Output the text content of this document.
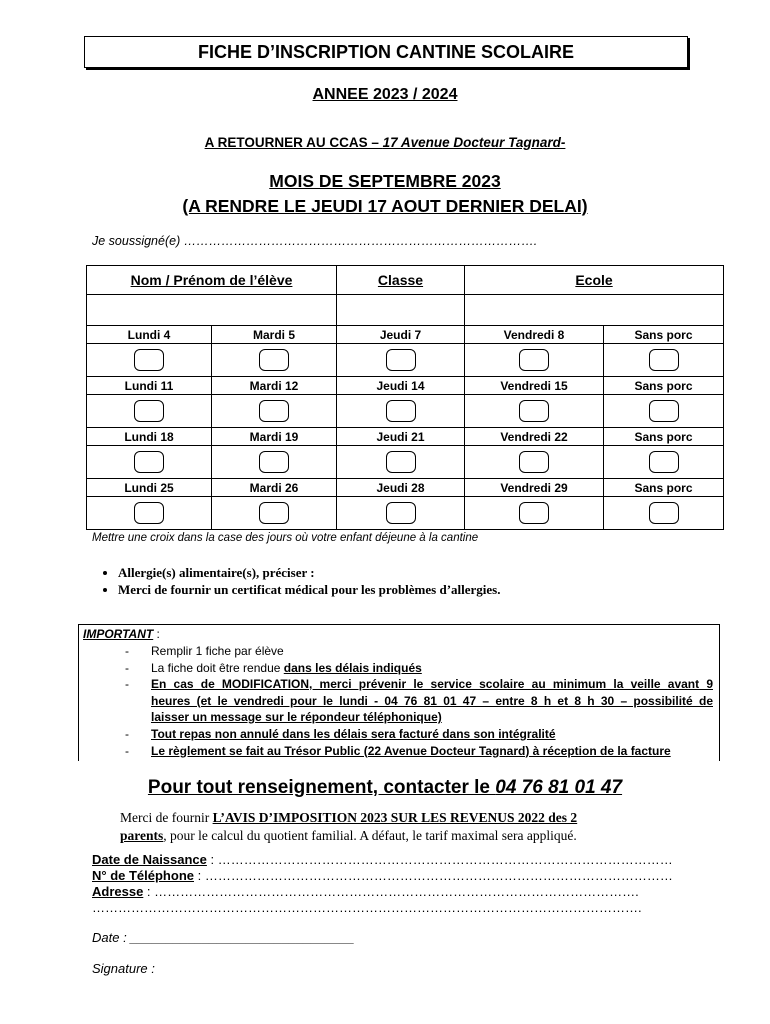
FICHE D’INSCRIPTION CANTINE SCOLAIRE
ANNEE 2023 / 2024
A RETOURNER AU CCAS – 17 Avenue Docteur Tagnard-
MOIS DE SEPTEMBRE 2023
(A RENDRE LE JEUDI 17 AOUT DERNIER DELAI)
Je soussigné(e) ………………………………………………………………………….
Nom / Prénom de l’élève		Classe	Ecole	

Lundi 4	Mardi 5	Jeudi 7	Vendredi 8	Sans porc

Lundi 11	Mardi 12	Jeudi 14	Vendredi 15	Sans porc

Lundi 18	Mardi 19	Jeudi 21	Vendredi 22	Sans porc

Lundi 25	Mardi 26	Jeudi 28	Vendredi 29	Sans porc

Mettre une croix dans la case des jours où votre enfant déjeune à la cantine
• Allergie(s) alimentaire(s), préciser :
• Merci de fournir un certificat médical pour les problèmes d’allergies.
IMPORTANT :
- Remplir 1 fiche par élève
- La fiche doit être rendue dans les délais indiqués
- En cas de MODIFICATION, merci prévenir le service scolaire au minimum la veille avant 9
heures (et le vendredi pour le lundi - 04 76 81 01 47 – entre 8 h et 8 h 30 – possibilité de
laisser un message sur le répondeur téléphonique)
- Tout repas non annulé dans les délais sera facturé dans son intégralité
- Le règlement se fait au Trésor Public (22 Avenue Docteur Tagnard) à réception de la facture
Pour tout renseignement, contacter le 04 76 81 01 47
Merci de fournir L’AVIS D’IMPOSITION 2023 SUR LES REVENUS 2022 des 2
parents, pour le calcul du quotient familial. A défaut, le tarif maximal sera appliqué.
Date de Naissance : ……………………………………………………………………………………………
N° de Téléphone : ………………………………………………………………………………………………
Adresse : ………………………………………………………………………………………………….
……………………………………………………………………………………………………………….
Date : _______________________________
Signature :
